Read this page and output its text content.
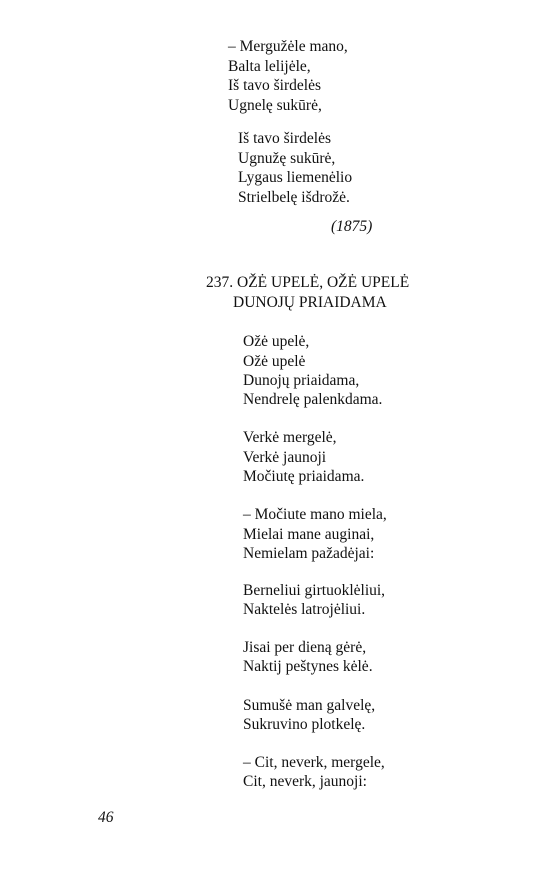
– Mergužėle mano,
Balta lelijėle,
Iš tavo širdelės
Ugnelę sukūrė,
Iš tavo širdelės
Ugnužę sukūrė,
Lygaus liemenėlio
Strielbelę išdrožė.
(1875)
237. OŽĖ UPELĖ, OŽĖ UPELĖ
DUNOJŲ PRIAIDAMA
Ožė upelė,
Ožė upelė
Dunojų priaidama,
Nendrelę palenkdama.
Verkė mergelė,
Verkė jaunoji
Močiutę priaidama.
– Močiute mano miela,
Mielai mane auginai,
Nemielam pažadėjai:
Berneliui girtuoklėliui,
Naktelės latrojėliui.
Jisai per dieną gėrė,
Naktij peštynes kėlė.
Sumušė man galvelę,
Sukruvino plotkelę.
– Cit, neverk, mergele,
Cit, neverk, jaunoji:
46
